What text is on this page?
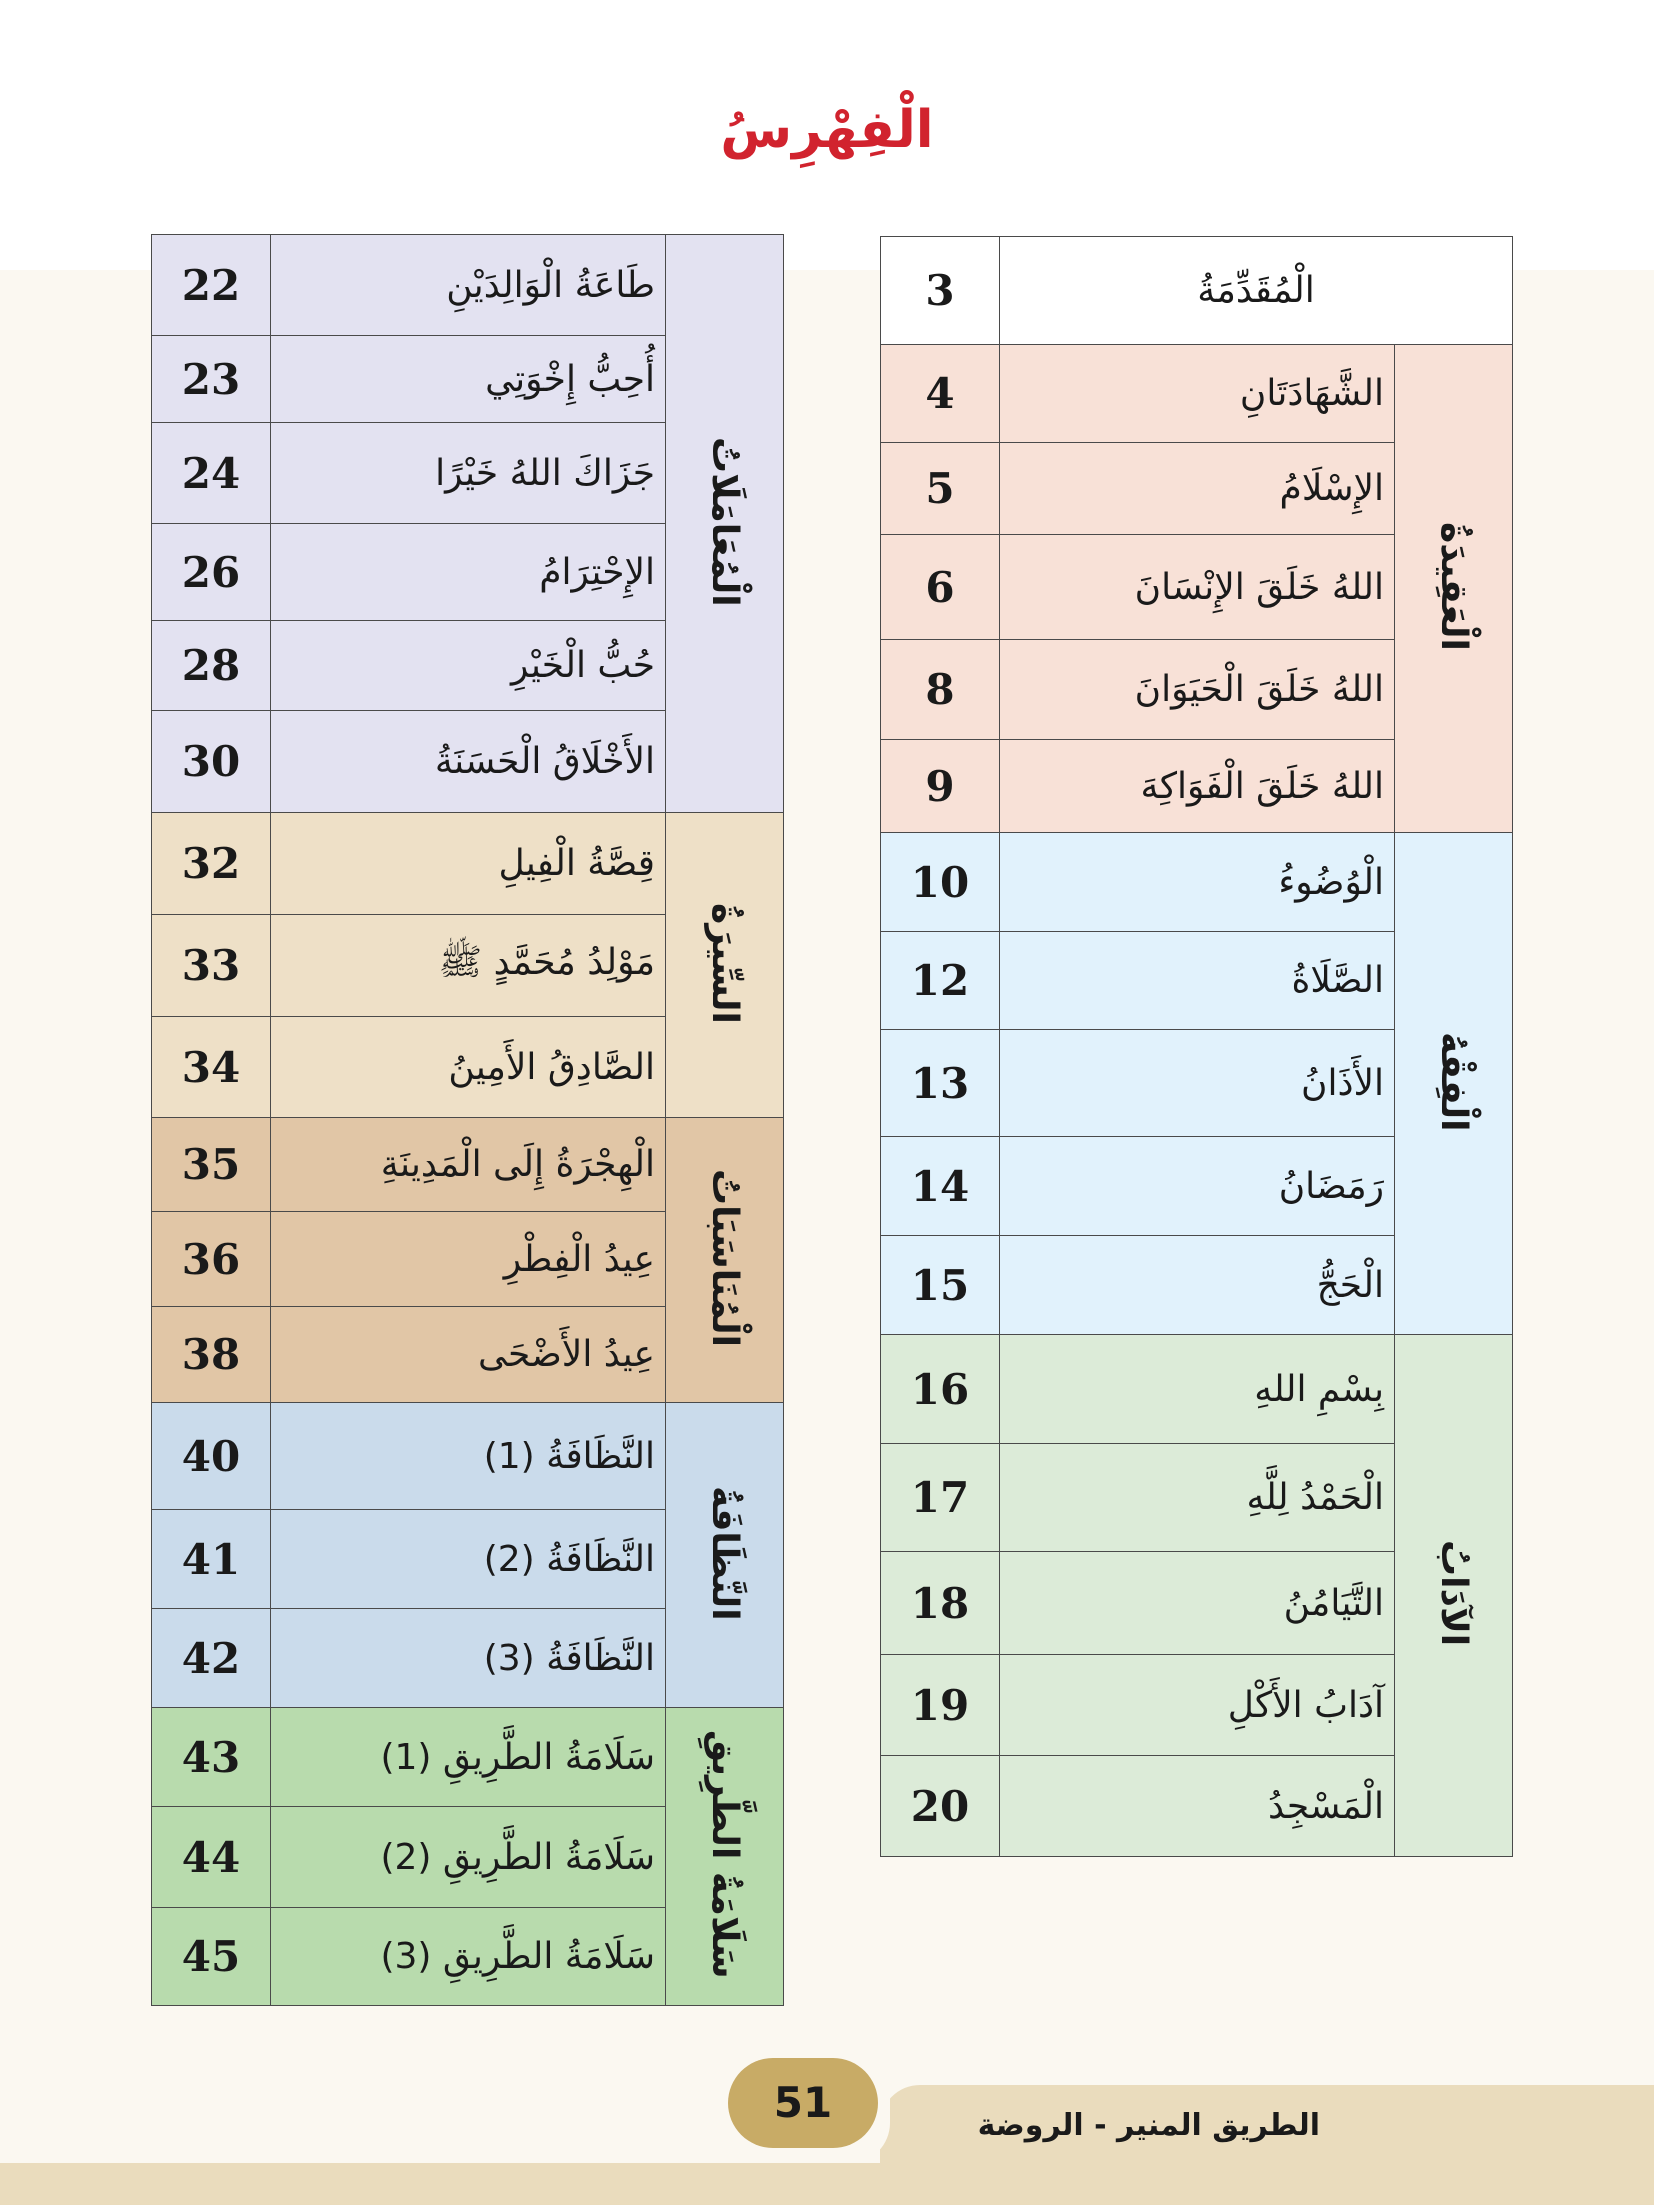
الْفِهْرِسُ
الْمُقَدِّمَةُ		3
الْعَقِيدَةُ	الشَّهَادَتَانِ	4
	الإِسْلَامُ	5
	اللهُ خَلَقَ الإِنْسَانَ	6
	اللهُ خَلَقَ الْحَيَوَانَ	8
	اللهُ خَلَقَ الْفَوَاكِهَ	9
الْفِقْهُ	الْوُضُوءُ	10
	الصَّلَاةُ	12
	الأَذَانُ	13
	رَمَضَانُ	14
	الْحَجُّ	15
الآدَابُ	بِسْمِ اللهِ	16
	الْحَمْدُ لِلَّهِ	17
	التَّيَامُنُ	18
	آدَابُ الأَكْلِ	19
	الْمَسْجِدُ	20
الْمُعَامَلَاتُ	طَاعَةُ الْوَالِدَيْنِ	22
	أُحِبُّ إِخْوَتِي	23
	جَزَاكَ اللهُ خَيْرًا	24
	الإِحْتِرَامُ	26
	حُبُّ الْخَيْرِ	28
	الأَخْلَاقُ الْحَسَنَةُ	30
السِّيرَةُ	قِصَّةُ الْفِيلِ	32
	مَوْلِدُ مُحَمَّدٍ ﷺ	33
	الصَّادِقُ الأَمِينُ	34
الْمُنَاسَبَاتُ	الْهِجْرَةُ إِلَى الْمَدِينَةِ	35
	عِيدُ الْفِطْرِ	36
	عِيدُ الأَضْحَى	38
النَّظَافَةُ	النَّظَافَةُ (1)	40
	النَّظَافَةُ (2)	41
	النَّظَافَةُ (3)	42
سَلَامَةُ الطَّرِيقِ	سَلَامَةُ الطَّرِيقِ (1)	43
	سَلَامَةُ الطَّرِيقِ (2)	44
	سَلَامَةُ الطَّرِيقِ (3)	45
51	الطريق المنير - الروضة
